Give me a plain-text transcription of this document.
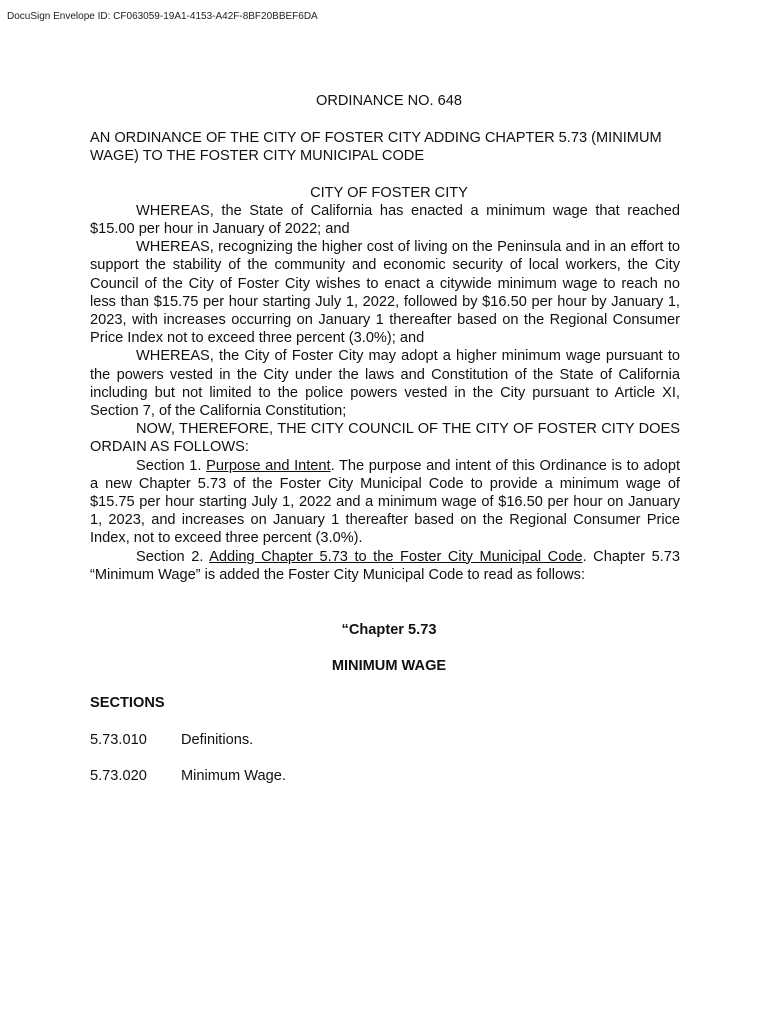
DocuSign Envelope ID: CF063059-19A1-4153-A42F-8BF20BBEF6DA
ORDINANCE NO. 648
AN ORDINANCE OF THE CITY OF FOSTER CITY ADDING CHAPTER 5.73 (MINIMUM WAGE) TO THE FOSTER CITY MUNICIPAL CODE
CITY OF FOSTER CITY

WHEREAS, the State of California has enacted a minimum wage that reached $15.00 per hour in January of 2022; and

WHEREAS, recognizing the higher cost of living on the Peninsula and in an effort to support the stability of the community and economic security of local workers, the City Council of the City of Foster City wishes to enact a citywide minimum wage to reach no less than $15.75 per hour starting July 1, 2022, followed by $16.50 per hour by January 1, 2023, with increases occurring on January 1 thereafter based on the Regional Consumer Price Index not to exceed three percent (3.0%); and

WHEREAS, the City of Foster City may adopt a higher minimum wage pursuant to the powers vested in the City under the laws and Constitution of the State of California including but not limited to the police powers vested in the City pursuant to Article XI, Section 7, of the California Constitution;

NOW, THEREFORE, THE CITY COUNCIL OF THE CITY OF FOSTER CITY DOES ORDAIN AS FOLLOWS:

Section 1. Purpose and Intent. The purpose and intent of this Ordinance is to adopt a new Chapter 5.73 of the Foster City Municipal Code to provide a minimum wage of $15.75 per hour starting July 1, 2022 and a minimum wage of $16.50 per hour on January 1, 2023, and increases on January 1 thereafter based on the Regional Consumer Price Index, not to exceed three percent (3.0%).

Section 2. Adding Chapter 5.73 to the Foster City Municipal Code. Chapter 5.73 “Minimum Wage” is added the Foster City Municipal Code to read as follows:

“Chapter 5.73
MINIMUM WAGE
SECTIONS
5.73.010	Definitions.
5.73.020	Minimum Wage.
